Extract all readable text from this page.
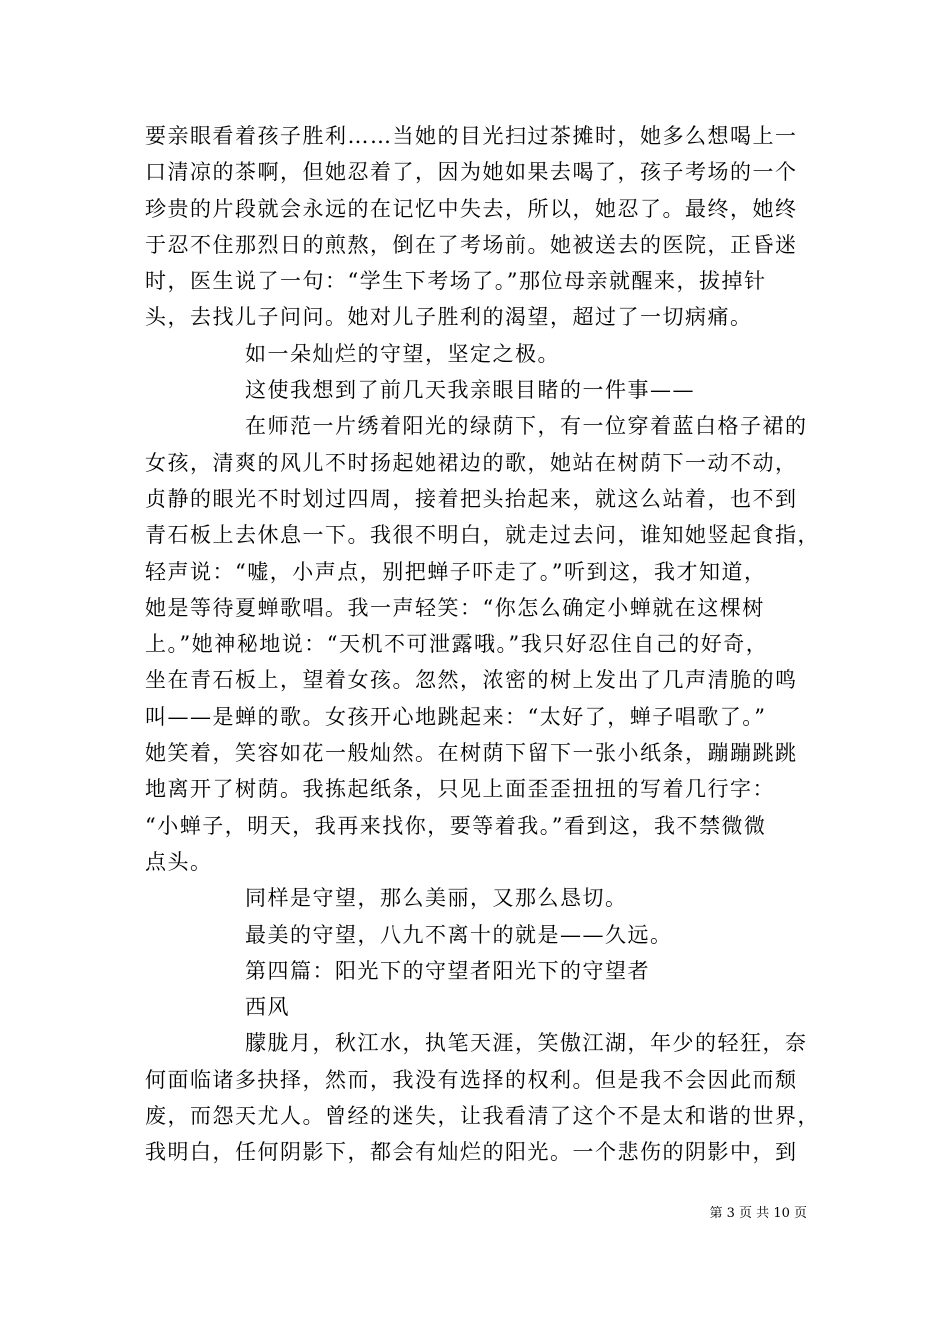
要亲眼看着孩子胜利……当她的目光扫过茶摊时，她多么想喝上一
口清凉的茶啊，但她忍着了，因为她如果去喝了，孩子考场的一个
珍贵的片段就会永远的在记忆中失去，所以，她忍了。最终，她终
于忍不住那烈日的煎熬，倒在了考场前。她被送去的医院，正昏迷
时，医生说了一句：“学生下考场了。”那位母亲就醒来，拔掉针
头，去找儿子问问。她对儿子胜利的渴望，超过了一切病痛。
如一朵灿烂的守望，坚定之极。
这使我想到了前几天我亲眼目睹的一件事——
在师范一片绣着阳光的绿荫下，有一位穿着蓝白格子裙的
女孩，清爽的风儿不时扬起她裙边的歌，她站在树荫下一动不动，
贞静的眼光不时划过四周，接着把头抬起来，就这么站着，也不到
青石板上去休息一下。我很不明白，就走过去问，谁知她竖起食指，
轻声说：“嘘，小声点，别把蝉子吓走了。”听到这，我才知道，
她是等待夏蝉歌唱。我一声轻笑：“你怎么确定小蝉就在这棵树
上。”她神秘地说：“天机不可泄露哦。”我只好忍住自己的好奇，
坐在青石板上，望着女孩。忽然，浓密的树上发出了几声清脆的鸣
叫——是蝉的歌。女孩开心地跳起来：“太好了，蝉子唱歌了。”
她笑着，笑容如花一般灿然。在树荫下留下一张小纸条，蹦蹦跳跳
地离开了树荫。我拣起纸条，只见上面歪歪扭扭的写着几行字：
“小蝉子，明天，我再来找你，要等着我。”看到这，我不禁微微
点头。
同样是守望，那么美丽，又那么恳切。
最美的守望，八九不离十的就是——久远。
第四篇：阳光下的守望者阳光下的守望者
西风
朦胧月，秋江水，执笔天涯，笑傲江湖，年少的轻狂，奈
何面临诸多抉择，然而，我没有选择的权利。但是我不会因此而颓
废，而怨天尤人。曾经的迷失，让我看清了这个不是太和谐的世界，
我明白，任何阴影下，都会有灿烂的阳光。一个悲伤的阴影中，到
第 3 页 共 10 页
